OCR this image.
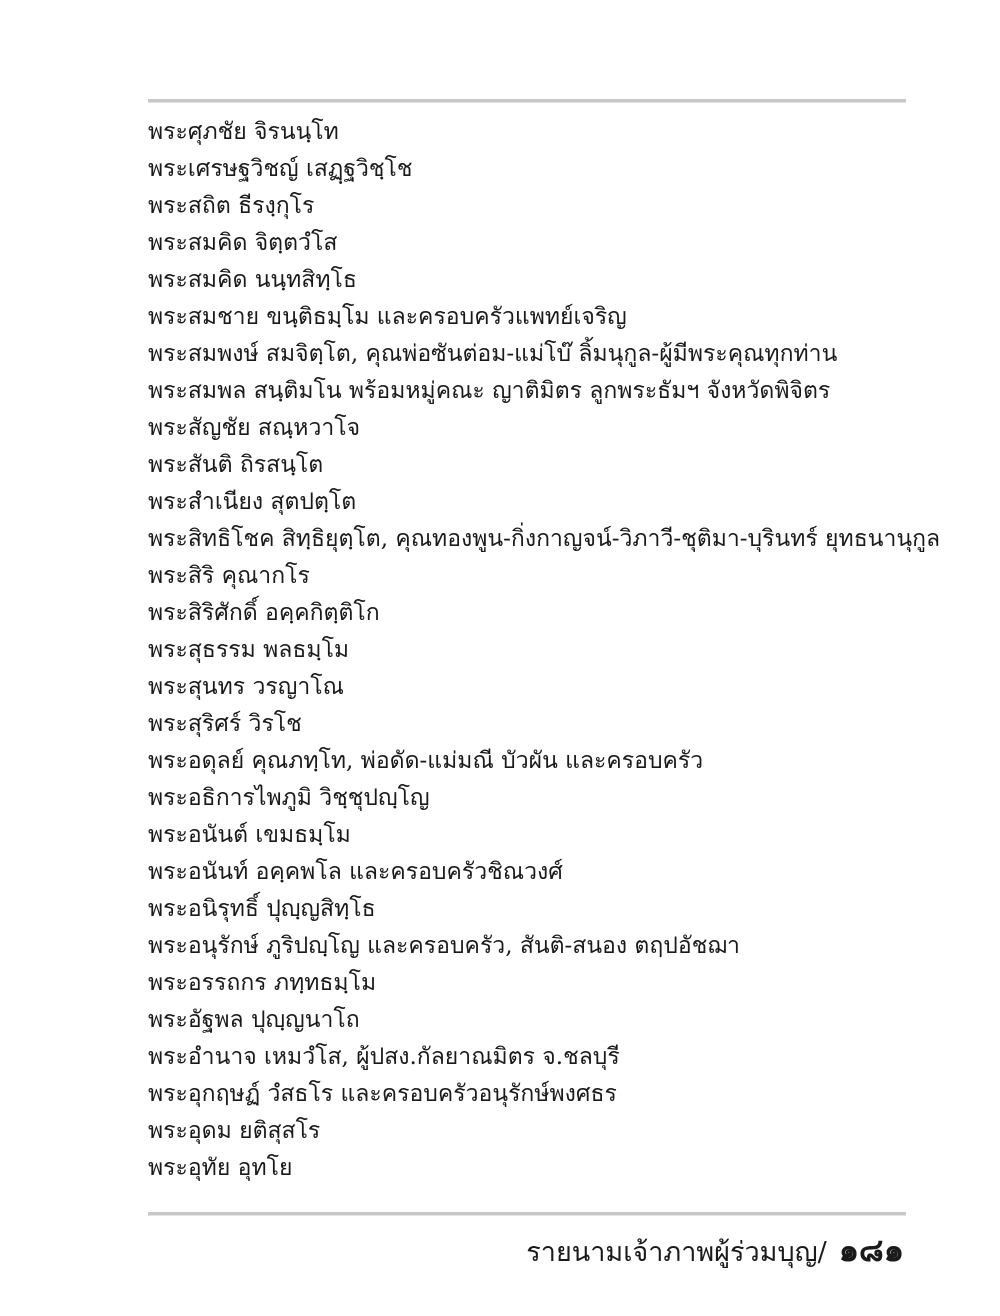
พระศุภชัย จิรนนฺโท
พระเศรษฐวิชญ์ เสฏฺฐวิชฺโช
พระสถิต ธีรงฺกุโร
พระสมคิด จิตฺตวํโส
พระสมคิด นนฺทสิทฺโธ
พระสมชาย ขนฺติธมฺโม และครอบครัวแพทย์เจริญ
พระสมพงษ์ สมจิตฺโต, คุณพ่อซันต่อม-แม่โบ๊ ลิ้มนุกูล-ผู้มีพระคุณทุกท่าน
พระสมพล สนฺติมโน พร้อมหมู่คณะ ญาติมิตร ลูกพระธัมฯ จังหวัดพิจิตร
พระสัญชัย สณฺหวาโจ
พระสันติ ถิรสนฺโต
พระสำเนียง สุตปตฺโต
พระสิทธิโชค สิทฺธิยุตฺโต, คุณทองพูน-กิ่งกาญจน์-วิภาวี-ชุติมา-บุรินทร์ ยุทธนานุกูล
พระสิริ คุณากโร
พระสิริศักดิ์ อคฺคกิตฺติโก
พระสุธรรม พลธมฺโม
พระสุนทร วรญาโณ
พระสุริศร์ วิรโช
พระอดุลย์ คุณภทฺโท, พ่อดัด-แม่มณี บัวผัน และครอบครัว
พระอธิการไพภูมิ วิชฺชุปญฺโญ
พระอนันต์ เขมธมฺโม
พระอนันท์ อคฺคพโล และครอบครัวชิณวงศ์
พระอนิรุทธิ์ ปุญฺญสิทฺโธ
พระอนุรักษ์ ภูริปญฺโญ และครอบครัว, สันติ-สนอง ตฤปอัชฌา
พระอรรถกร ภทฺทธมฺโม
พระอัฐพล ปุญฺญนาโถ
พระอำนาจ เหมวํโส, ผู้ปสง.กัลยาณมิตร จ.ชลบุรี
พระอุกฤษฏ์ วํสธโร และครอบครัวอนุรักษ์พงศธร
พระอุดม ยติสุสโร
พระอุทัย อุทโย
รายนามเจ้าภาพผู้ร่วมบุญ/ ๑๘๑
